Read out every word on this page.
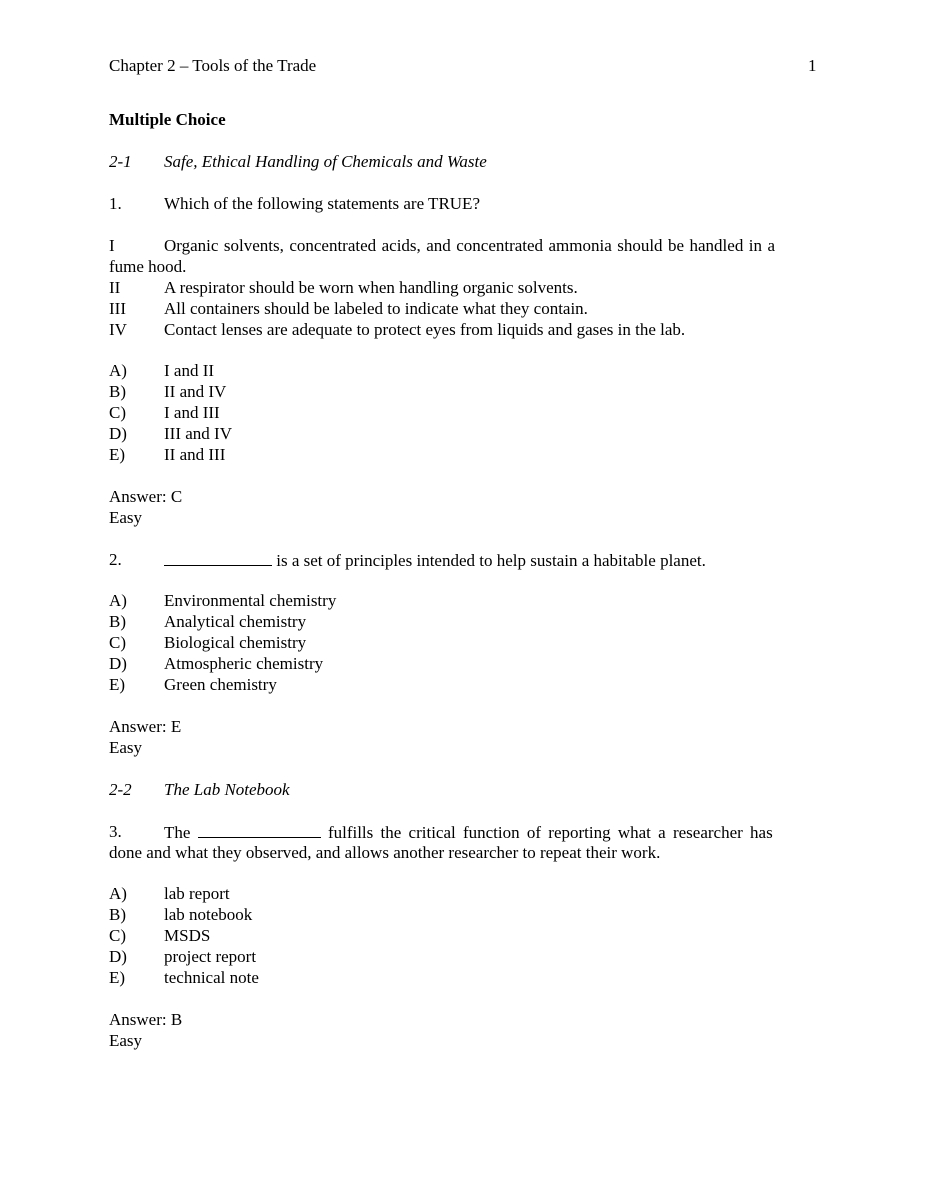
Chapter 2 – Tools of the Trade	1
Multiple Choice
2-1 Safe, Ethical Handling of Chemicals and Waste
1. Which of the following statements are TRUE?
I	Organic solvents, concentrated acids, and concentrated ammonia should be handled in a
fume hood.
II	A respirator should be worn when handling organic solvents.
III All containers should be labeled to indicate what they contain.
IV Contact lenses are adequate to protect eyes from liquids and gases in the lab.
A) I and II
B) II and IV
C) I and III
D) III and IV
E) II and III
Answer: C
Easy
2.	is a set of principles intended to help sustain a habitable planet.
A) Environmental chemistry
B) Analytical chemistry
C) Biological chemistry
D) Atmospheric chemistry
E) Green chemistry
Answer: E
Easy
2-2 The Lab Notebook
3. The	fulfills the critical function of reporting what a researcher has
done and what they observed, and allows another researcher to repeat their work.
A) lab report
B) lab notebook
C) MSDS
D) project report
E) technical note
Answer: B
Easy
